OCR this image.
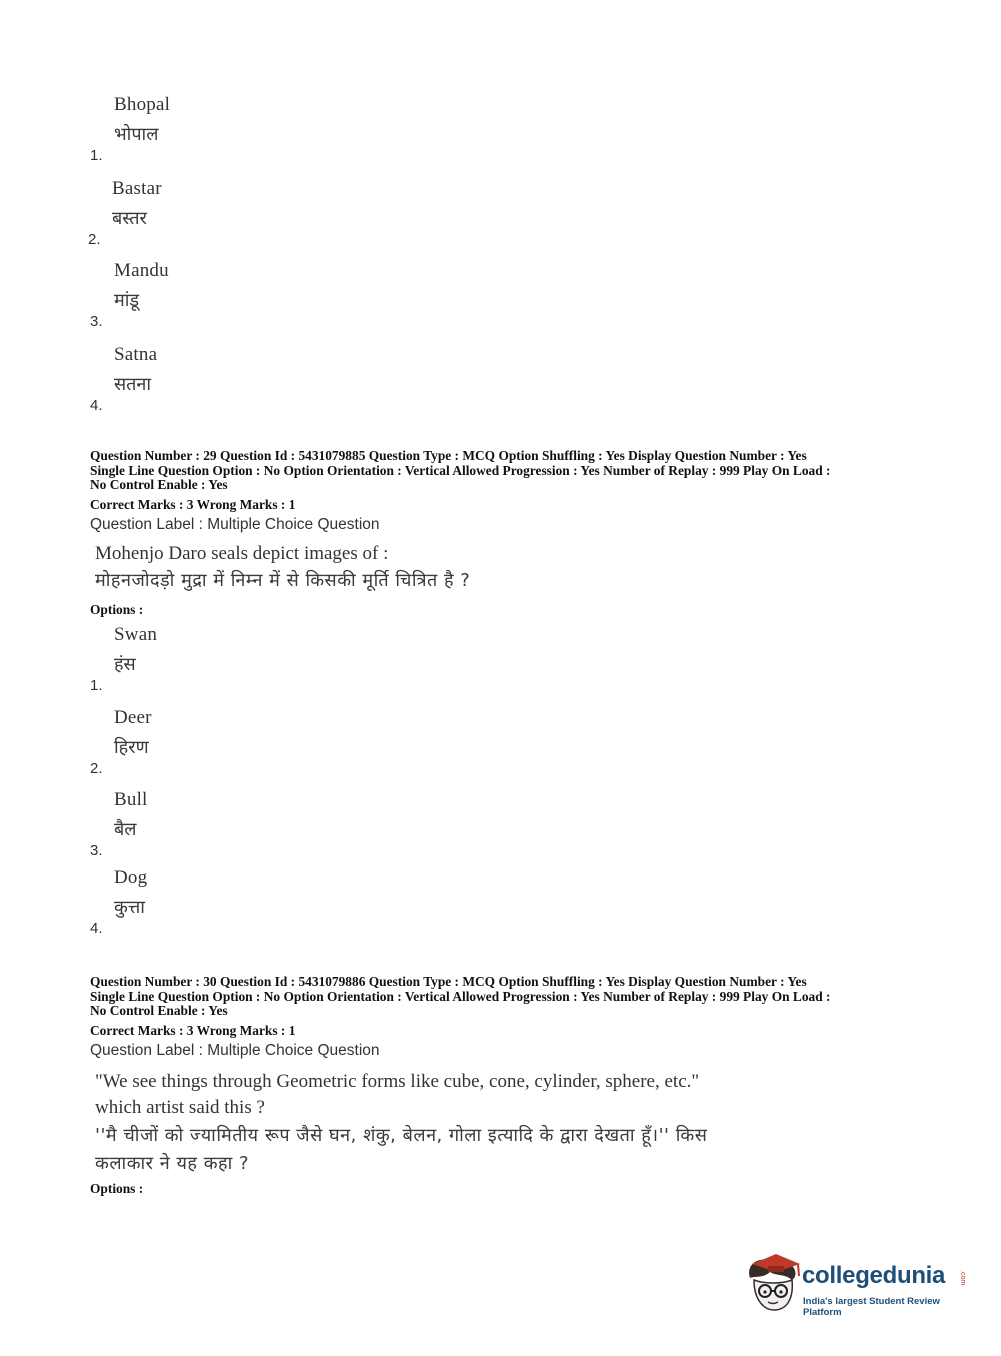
Bhopal
भोपाल
1.
Bastar
बस्तर
2.
Mandu
मांडू
3.
Satna
सतना
4.
Question Number : 29 Question Id : 5431079885 Question Type : MCQ Option Shuffling : Yes Display Question Number : Yes
Single Line Question Option : No Option Orientation : Vertical Allowed Progression : Yes Number of Replay : 999 Play On Load :
No Control Enable : Yes
Correct Marks : 3 Wrong Marks : 1
Question Label : Multiple Choice Question
Mohenjo Daro seals depict images of :
मोहनजोदड़ो मुद्रा में निम्न में से किसकी मूर्ति चित्रित है ?
Options :
Swan
हंस
1.
Deer
हिरण
2.
Bull
बैल
3.
Dog
कुत्ता
4.
Question Number : 30 Question Id : 5431079886 Question Type : MCQ Option Shuffling : Yes Display Question Number : Yes
Single Line Question Option : No Option Orientation : Vertical Allowed Progression : Yes Number of Replay : 999 Play On Load :
No Control Enable : Yes
Correct Marks : 3 Wrong Marks : 1
Question Label : Multiple Choice Question
"We see things through Geometric forms like cube, cone, cylinder, sphere, etc."
which artist said this ?
''मै चीजों को ज्यामितीय रूप जैसे घन, शंकु, बेलन, गोला इत्यादि के द्वारा देखता हूँ।'' किस
कलाकार ने यह कहा ?
Options :
collegedunia .com
India's largest Student Review Platform
